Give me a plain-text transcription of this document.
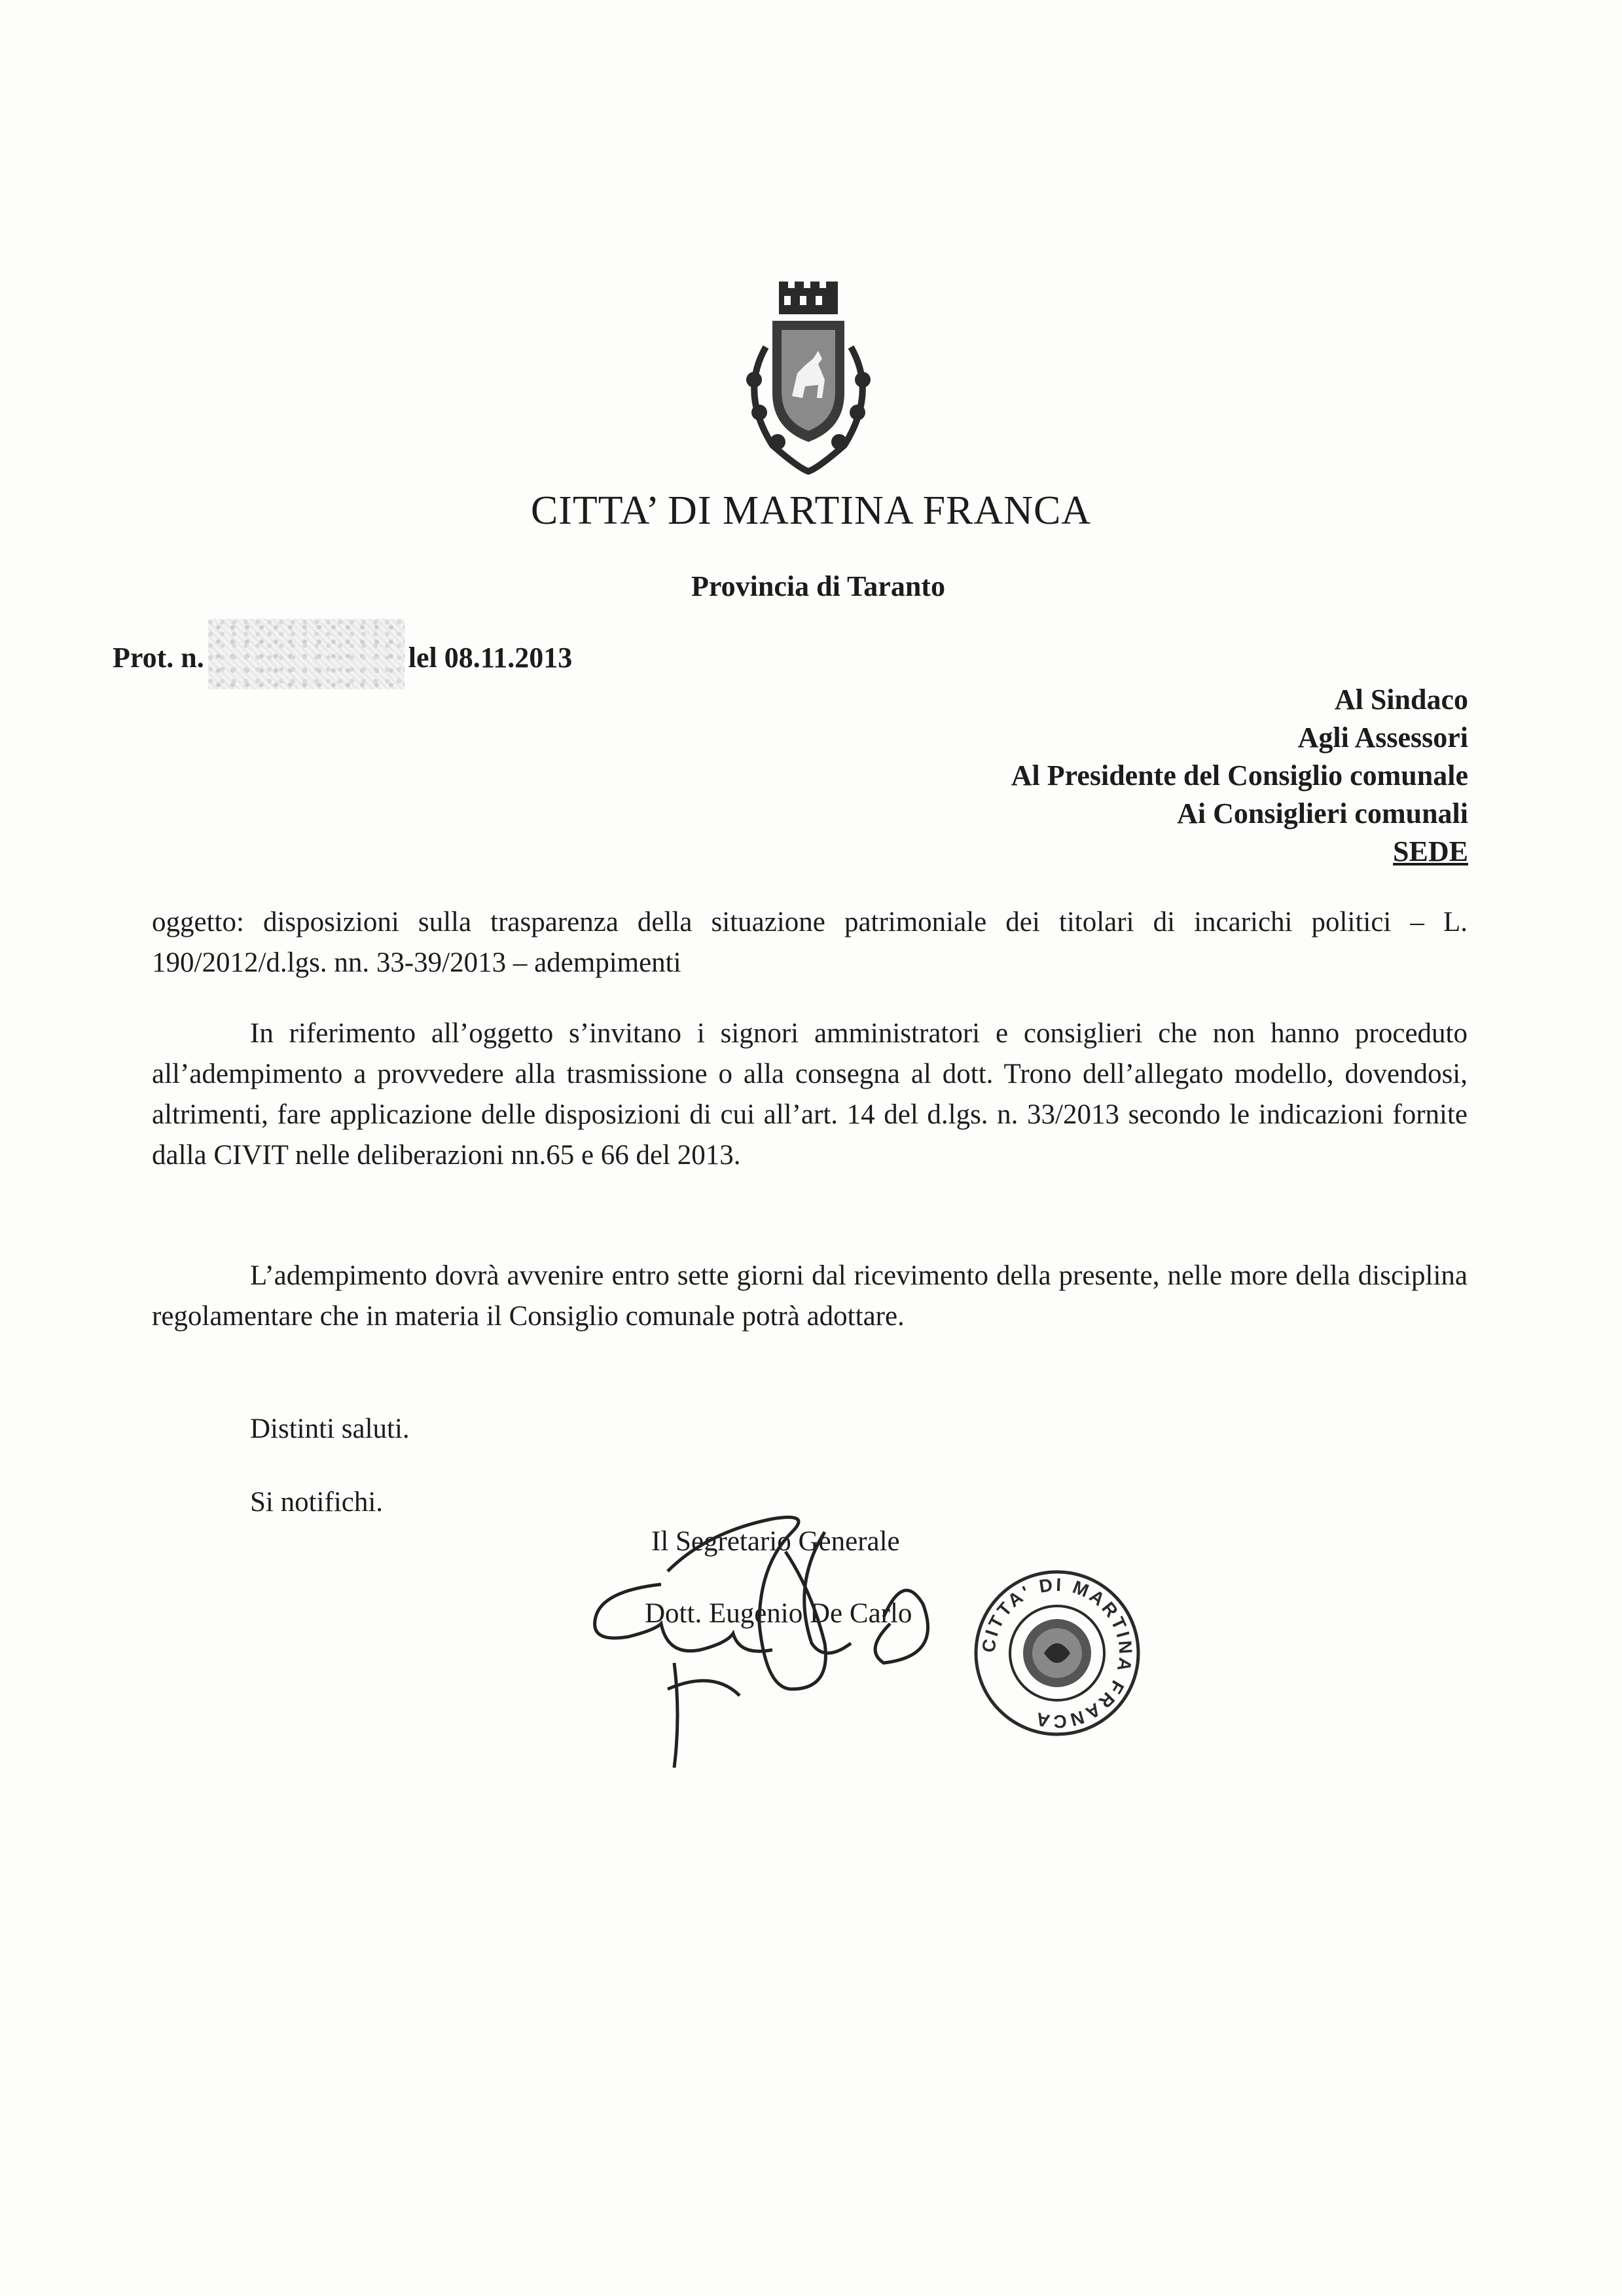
CITTA’ DI MARTINA FRANCA
Provincia di Taranto
Prot. n.	lel 08.11.2013
Al Sindaco
Agli Assessori
Al Presidente del Consiglio comunale
Ai Consiglieri comunali
SEDE
oggetto: disposizioni sulla trasparenza della situazione patrimoniale dei titolari di incarichi politici – L. 190/2012/d.lgs. nn. 33-39/2013 – adempimenti
In riferimento all’oggetto s’invitano i signori amministratori e consiglieri che non hanno proceduto all’adempimento a provvedere alla trasmissione o alla consegna al dott. Trono dell’allegato modello, dovendosi, altrimenti, fare applicazione delle disposizioni di cui all’art. 14 del d.lgs. n. 33/2013 secondo le indicazioni fornite dalla CIVIT nelle deliberazioni nn.65 e 66 del 2013.
L’adempimento dovrà avvenire entro sette giorni dal ricevimento della presente, nelle more della disciplina regolamentare che in materia il Consiglio comunale potrà adottare.
Distinti saluti.
Si notifichi.
Il Segretario Generale
Dott. Eugenio De Carlo
CITTA' DI MARTINA FRANCA
